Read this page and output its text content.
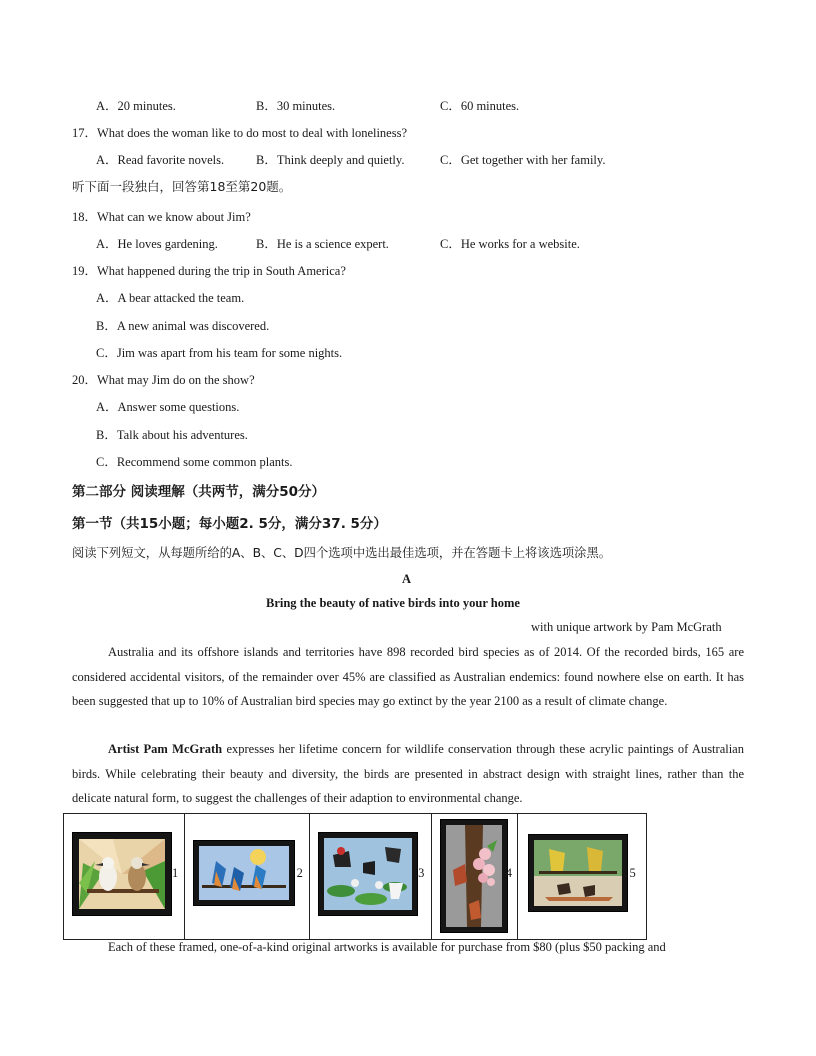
A．20 minutes.	B．30 minutes.	C．60 minutes.
17．What does the woman like to do most to deal with loneliness?
A．Read favorite novels.	B．Think deeply and quietly.	C．Get together with her family.
听下面一段独白，回答第18至第20题。
18．What can we know about Jim?
A．He loves gardening.	B．He is a science expert.	C．He works for a website.
19．What happened during the trip in South America?
A．A bear attacked the team.
B．A new animal was discovered.
C．Jim was apart from his team for some nights.
20．What may Jim do on the show?
A．Answer some questions.
B．Talk about his adventures.
C．Recommend some common plants.
第二部分 阅读理解（共两节，满分50分）
第一节（共15小题；每小题2. 5分，满分37. 5分）
阅读下列短文，从每题所给的A、B、C、D四个选项中选出最佳选项，并在答题卡上将该选项涂黑。
A
Bring the beauty of native birds into your home
with unique artwork by Pam McGrath
Australia and its offshore islands and territories have 898 recorded bird species as of 2014. Of the recorded birds, 165 are considered accidental visitors, of the remainder over 45% are classified as Australian endemics: found nowhere else on earth. It has been suggested that up to 10% of Australian bird species may go extinct by the year 2100 as a result of climate change.
Artist Pam McGrath expresses her lifetime concern for wildlife conservation through these acrylic paintings of Australian birds. While celebrating their beauty and diversity, the birds are presented in abstract design with straight lines, rather than the delicate natural form, to suggest the challenges of their adaption to environmental change.
1	2	3	4	5
Each of these framed, one-of-a-kind original artworks is available for purchase from $80 (plus $50 packing and
